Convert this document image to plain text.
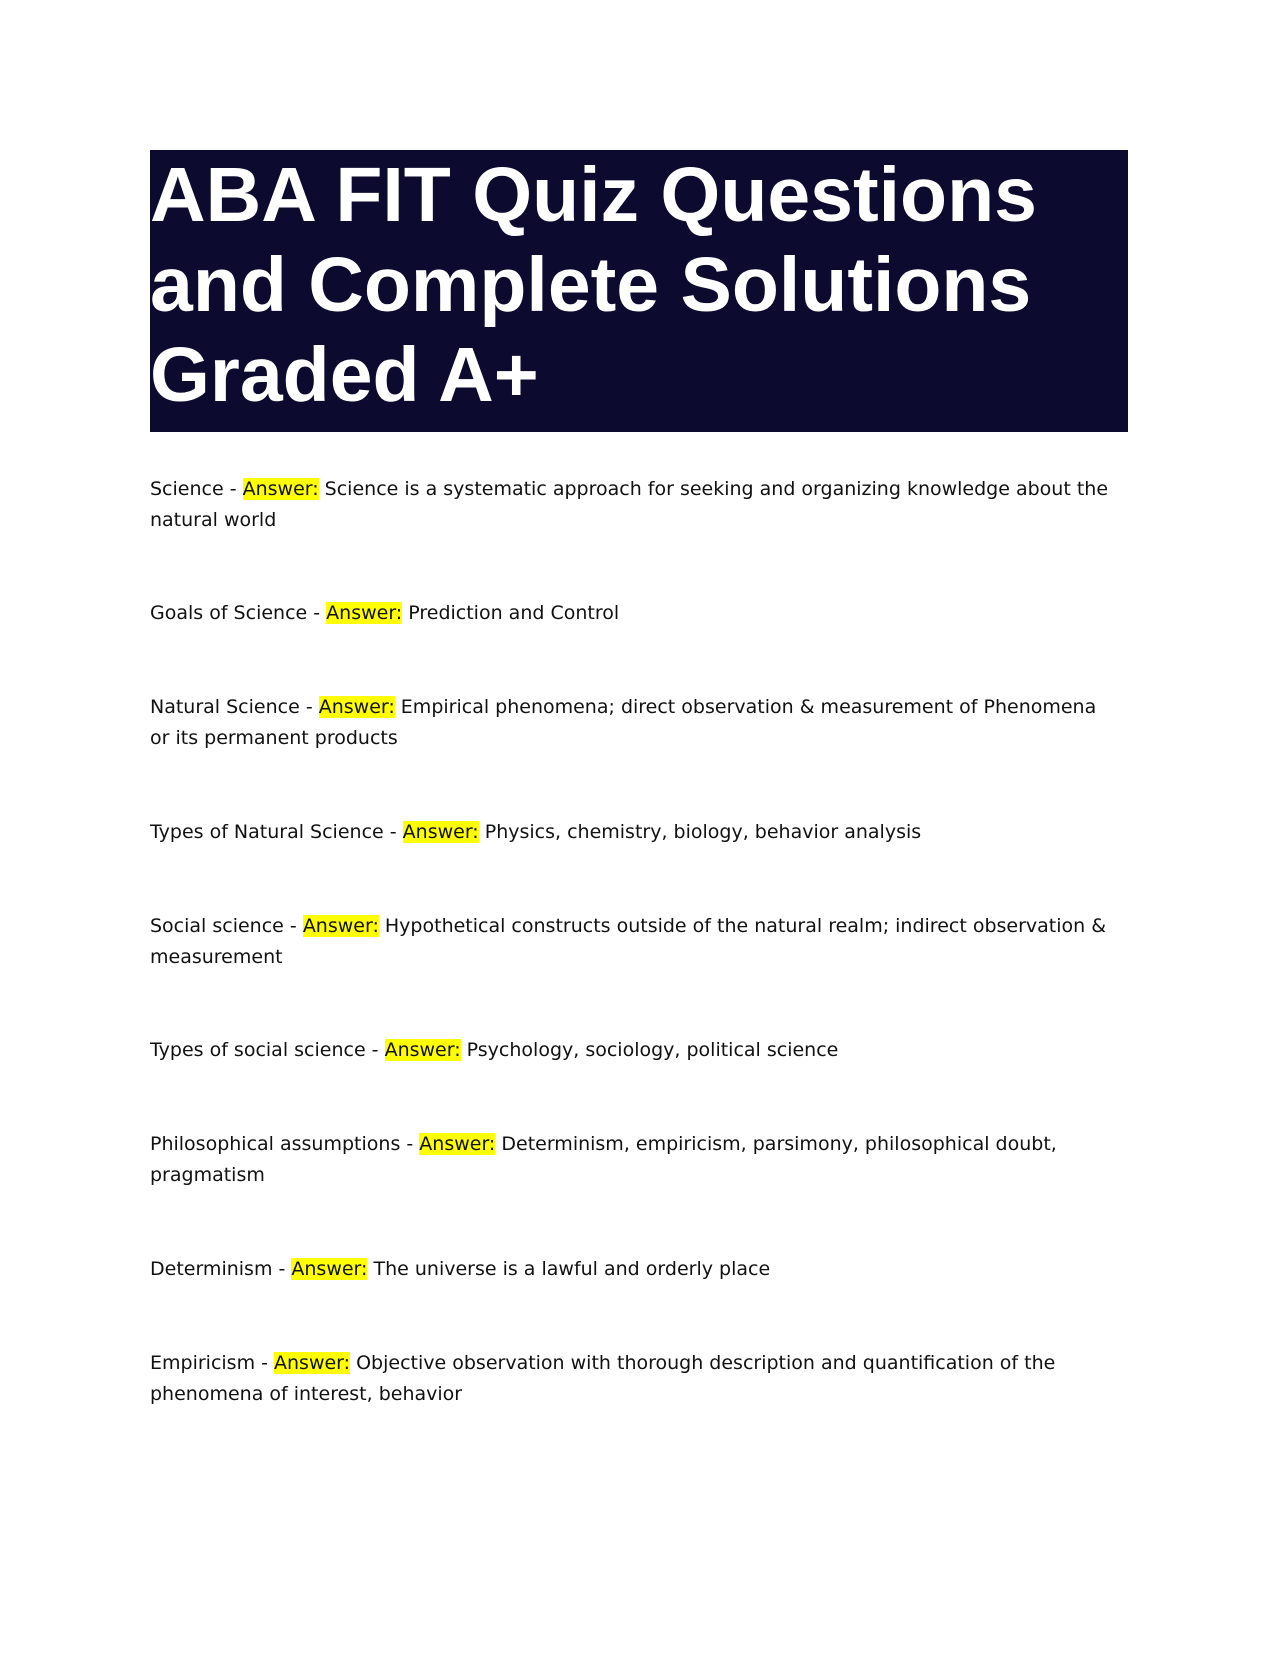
ABA FIT Quiz Questions and Complete Solutions Graded A+
Science - Answer: Science is a systematic approach for seeking and organizing knowledge about the natural world
Goals of Science - Answer: Prediction and Control
Natural Science - Answer: Empirical phenomena; direct observation & measurement of Phenomena or its permanent products
Types of Natural Science - Answer: Physics, chemistry, biology, behavior analysis
Social science - Answer: Hypothetical constructs outside of the natural realm; indirect observation & measurement
Types of social science - Answer: Psychology, sociology, political science
Philosophical assumptions - Answer: Determinism, empiricism, parsimony, philosophical doubt, pragmatism
Determinism - Answer: The universe is a lawful and orderly place
Empiricism - Answer: Objective observation with thorough description and quantification of the phenomena of interest, behavior
